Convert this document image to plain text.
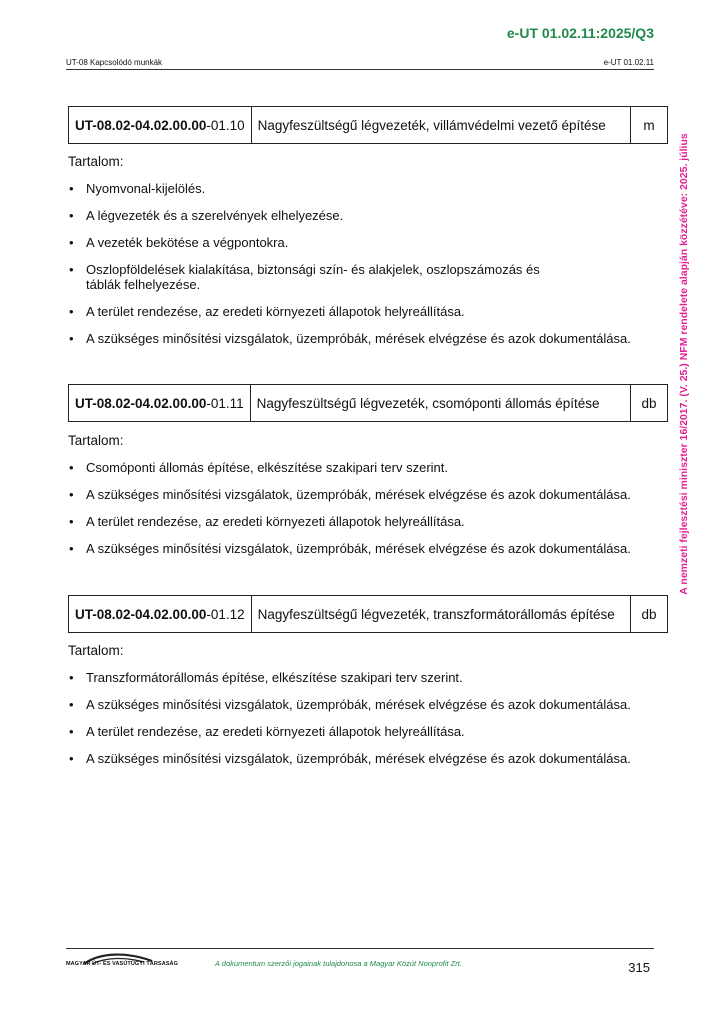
e-UT 01.02.11:2025/Q3
UT-08 Kapcsolódó munkák	e-UT 01.02.11
A nemzeti fejlesztési miniszter 16/2017. (V. 25.) NFM rendelete alapján közzétéve: 2025. július
UT-08.02-04.02.00.00-01.10	Nagyfeszültségű légvezeték, villámvédelmi vezető építése	m
Tartalom:
• Nyomvonal-kijelölés.
• A légvezeték és a szerelvények elhelyezése.
• A vezeték bekötése a végpontokra.
• Oszlopföldelések kialakítása, biztonsági szín- és alakjelek, oszlopszámozás és táblák felhelyezése.
• A terület rendezése, az eredeti környezeti állapotok helyreállítása.
• A szükséges minősítési vizsgálatok, üzempróbák, mérések elvégzése és azok dokumentálása.
UT-08.02-04.02.00.00-01.11	Nagyfeszültségű légvezeték, csomóponti állomás építése	db
Tartalom:
• Csomóponti állomás építése, elkészítése szakipari terv szerint.
• A szükséges minősítési vizsgálatok, üzempróbák, mérések elvégzése és azok dokumentálása.
• A terület rendezése, az eredeti környezeti állapotok helyreállítása.
• A szükséges minősítési vizsgálatok, üzempróbák, mérések elvégzése és azok dokumentálása.
UT-08.02-04.02.00.00-01.12	Nagyfeszültségű légvezeték, transzformátorállomás építése	db
Tartalom:
• Transzformátorállomás építése, elkészítése szakipari terv szerint.
• A szükséges minősítési vizsgálatok, üzempróbák, mérések elvégzése és azok dokumentálása.
• A terület rendezése, az eredeti környezeti állapotok helyreállítása.
• A szükséges minősítési vizsgálatok, üzempróbák, mérések elvégzése és azok dokumentálása.
MAGYAR ÚT- ÉS VASÚTÜGYI TÁRSASÁG	A dokumentum szerzői jogainak tulajdonosa a Magyar Közút Nonprofit Zrt.	315
